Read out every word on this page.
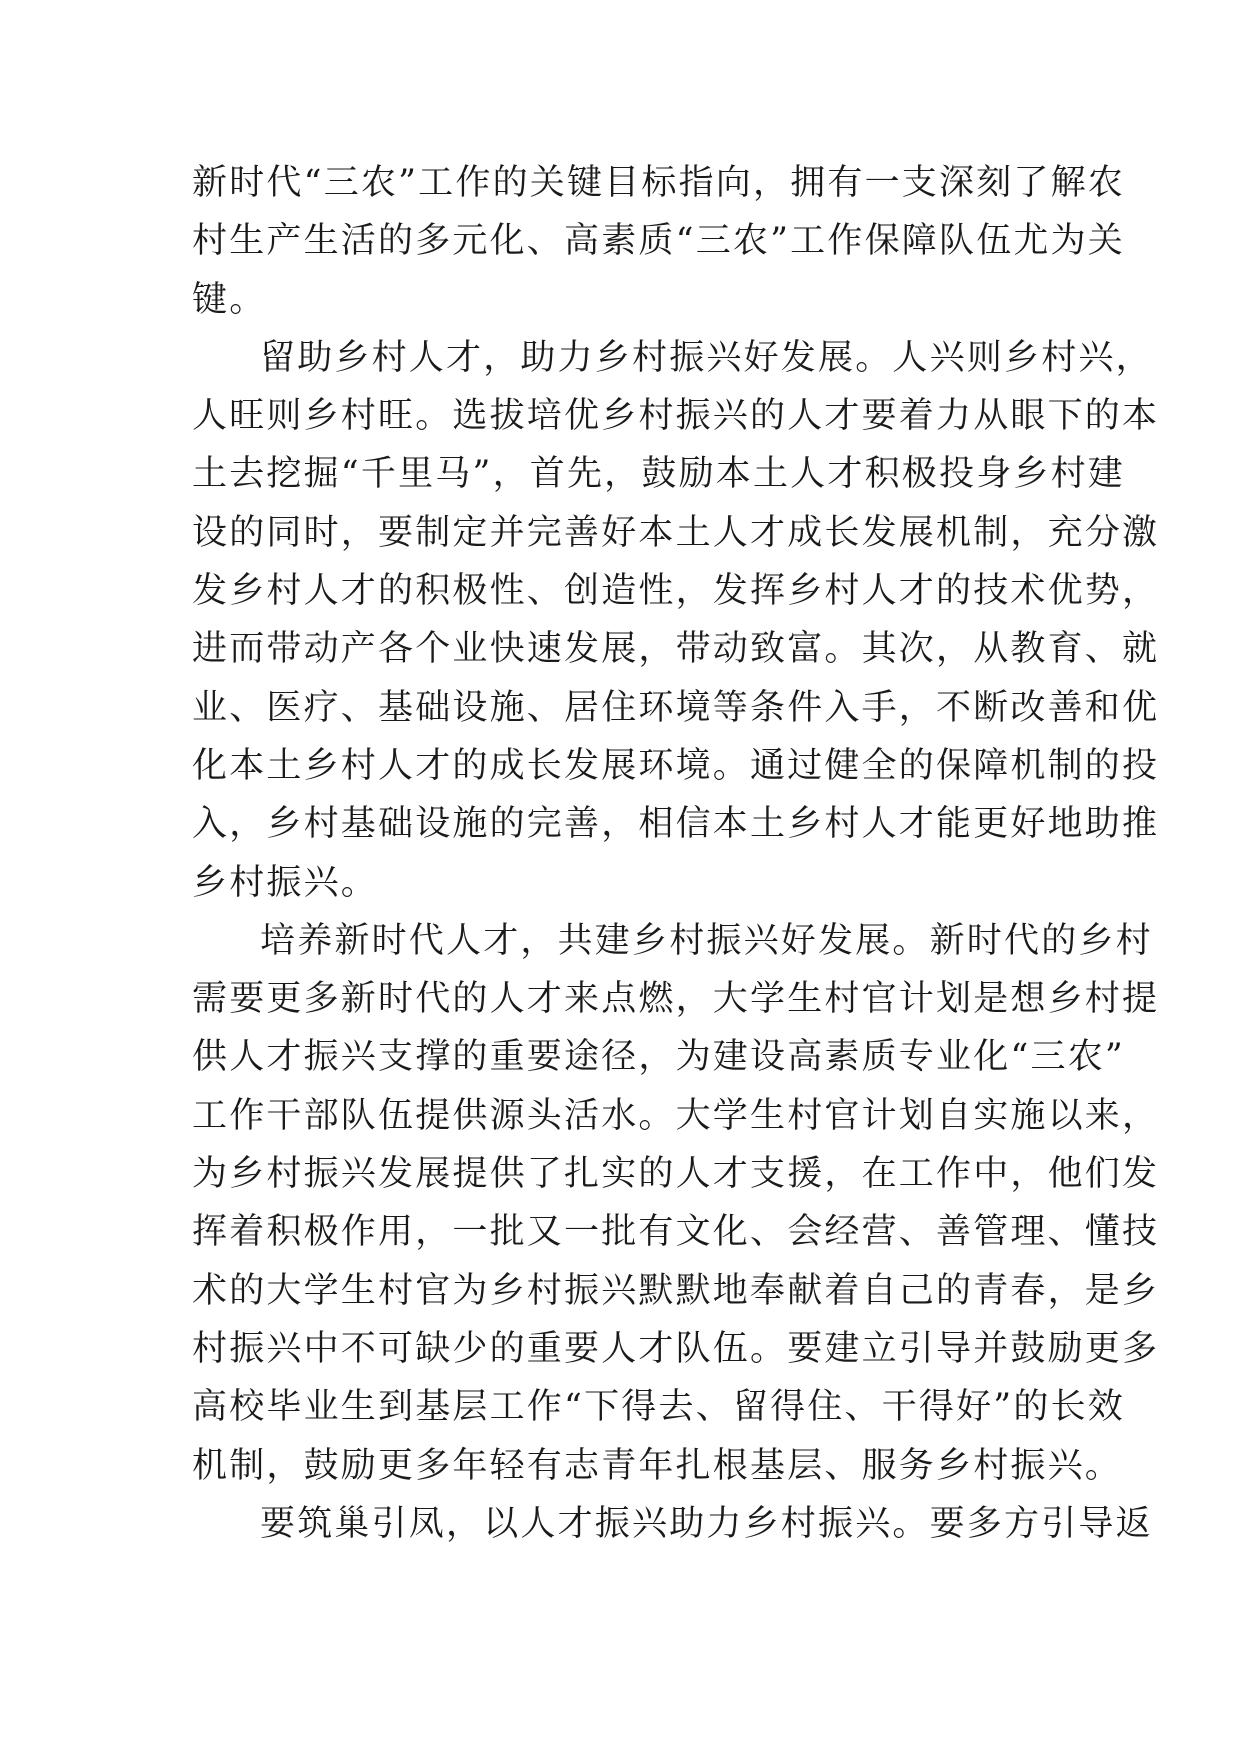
新时代“三农”工作的关键目标指向，拥有一支深刻了解农
村生产生活的多元化、高素质“三农”工作保障队伍尤为关
键。
留助乡村人才，助力乡村振兴好发展。人兴则乡村兴，
人旺则乡村旺。选拔培优乡村振兴的人才要着力从眼下的本
土去挖掘“千里马”，首先，鼓励本土人才积极投身乡村建
设的同时，要制定并完善好本土人才成长发展机制，充分激
发乡村人才的积极性、创造性，发挥乡村人才的技术优势，
进而带动产各个业快速发展，带动致富。其次，从教育、就
业、医疗、基础设施、居住环境等条件入手，不断改善和优
化本土乡村人才的成长发展环境。通过健全的保障机制的投
入，乡村基础设施的完善，相信本土乡村人才能更好地助推
乡村振兴。
培养新时代人才，共建乡村振兴好发展。新时代的乡村
需要更多新时代的人才来点燃，大学生村官计划是想乡村提
供人才振兴支撑的重要途径，为建设高素质专业化“三农”
工作干部队伍提供源头活水。大学生村官计划自实施以来，
为乡村振兴发展提供了扎实的人才支援，在工作中，他们发
挥着积极作用，一批又一批有文化、会经营、善管理、懂技
术的大学生村官为乡村振兴默默地奉献着自己的青春，是乡
村振兴中不可缺少的重要人才队伍。要建立引导并鼓励更多
高校毕业生到基层工作“下得去、留得住、干得好”的长效
机制，鼓励更多年轻有志青年扎根基层、服务乡村振兴。
要筑巢引凤，以人才振兴助力乡村振兴。要多方引导返
